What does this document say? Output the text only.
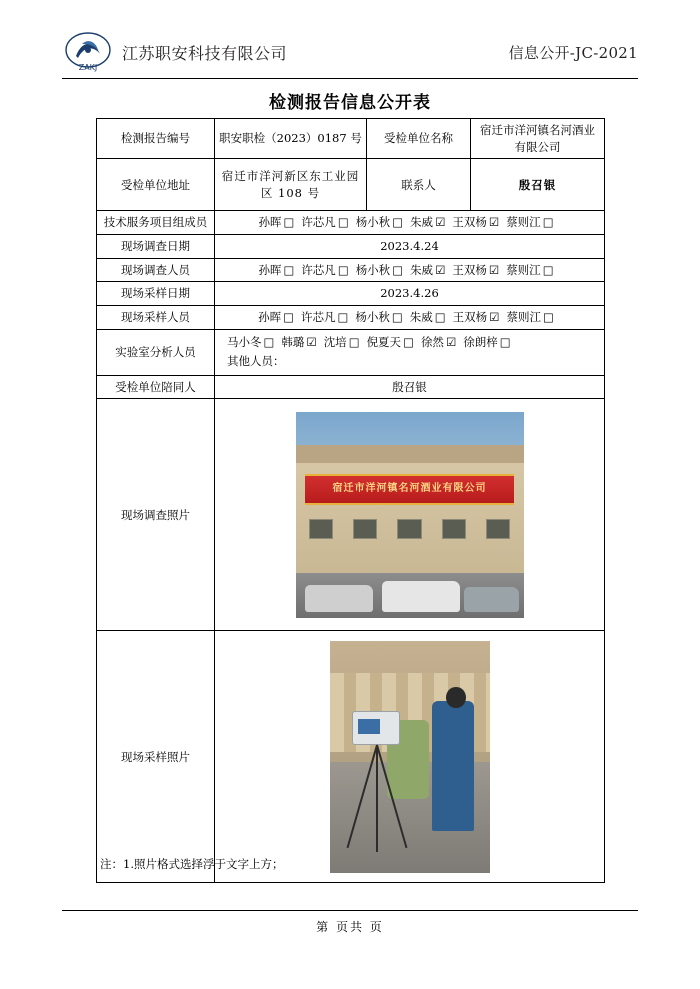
ZAKJ
江苏职安科技有限公司	信息公开-JC-2021
检测报告信息公开表
检测报告编号	职安职检（2023）0187 号	受检单位名称	宿迁市洋河镇名河酒业有限公司
受检单位地址	宿迁市洋河新区东工业园区 108 号	联系人	殷召银
技术服务项目组成员	孙晖 □ 许芯凡 □ 杨小秋 □ 朱威 ☑ 王双杨 ☑ 蔡则江 □		
现场调查日期	2023.4.24		
现场调查人员	孙晖 □ 许芯凡 □ 杨小秋 □ 朱威 ☑ 王双杨 ☑ 蔡则江 □		
现场采样日期	2023.4.26		
现场采样人员	孙晖 □ 许芯凡 □ 杨小秋 □ 朱威 □ 王双杨 ☑ 蔡则江 □		
实验室分析人员	马小冬 □ 韩璐 ☑ 沈培 □ 倪夏天 □ 徐然 ☑ 徐朗梓 □
其他人员：		

受检单位陪同人	殷召银		
现场调查照片	宿迁市洋河镇名河酒业有限公司		

现场采样照片			
注：1.照片格式选择浮于文字上方；
第 页共 页
